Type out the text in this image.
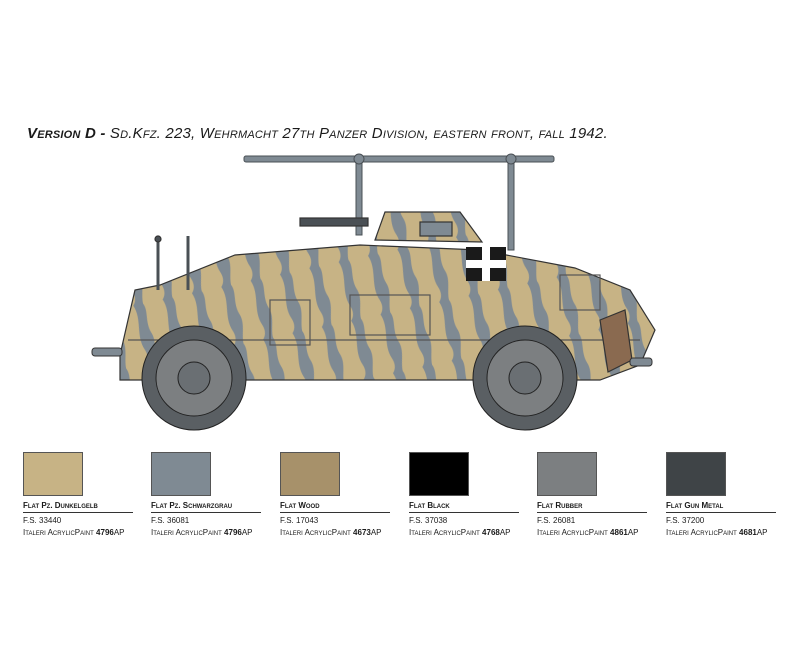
Version D - Sd.Kfz. 223, Wehrmacht 27th Panzer Division, eastern front, fall 1942.
Flat Pz. Dunkelgelb
F.S. 33440
Italeri AcrylicPaint 4796AP
Flat Pz. Schwarzgrau
F.S. 36081
Italeri AcrylicPaint 4796AP
Flat Wood
F.S. 17043
Italeri AcrylicPaint 4673AP
Flat Black
F.S. 37038
Italeri AcrylicPaint 4768AP
Flat Rubber
F.S. 26081
Italeri AcrylicPaint 4861AP
Flat Gun Metal
F.S. 37200
Italeri AcrylicPaint 4681AP
